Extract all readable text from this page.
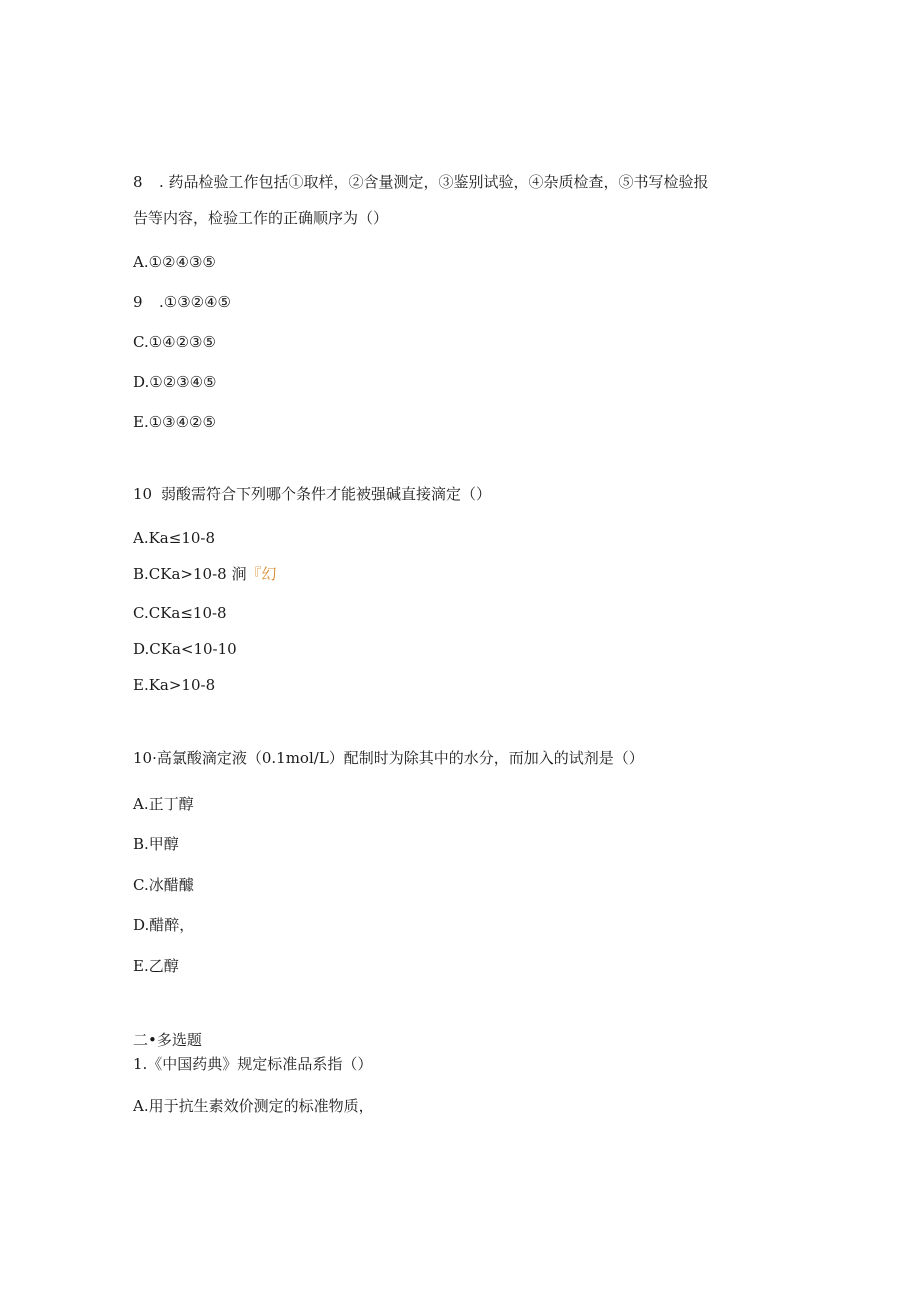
8 . 药品检验工作包括①取样，②含量测定，③鉴别试验，④杂质检查，⑤书写检验报
告等内容，检验工作的正确顺序为（）
A.①②④③⑤
9 .①③②④⑤
C.①④②③⑤
D.①②③④⑤
E.①③④②⑤
10 弱酸需符合下列哪个条件才能被强碱直接滴定（）
A.Ka≤10-8
B.CKa>10-8 涧『幻
C.CKa≤10-8
D.CKa<10-10
E.Ka>10-8
10·高氯酸滴定液（0.1mol/L）配制时为除其中的水分，而加入的试剂是（）
A.正丁醇
B.甲醇
C.冰醋醵
D.醋醉，
E.乙醇
二•多选题
1.《中国药典》规定标准品系指（）
A.用于抗生素效价测定的标准物质，
